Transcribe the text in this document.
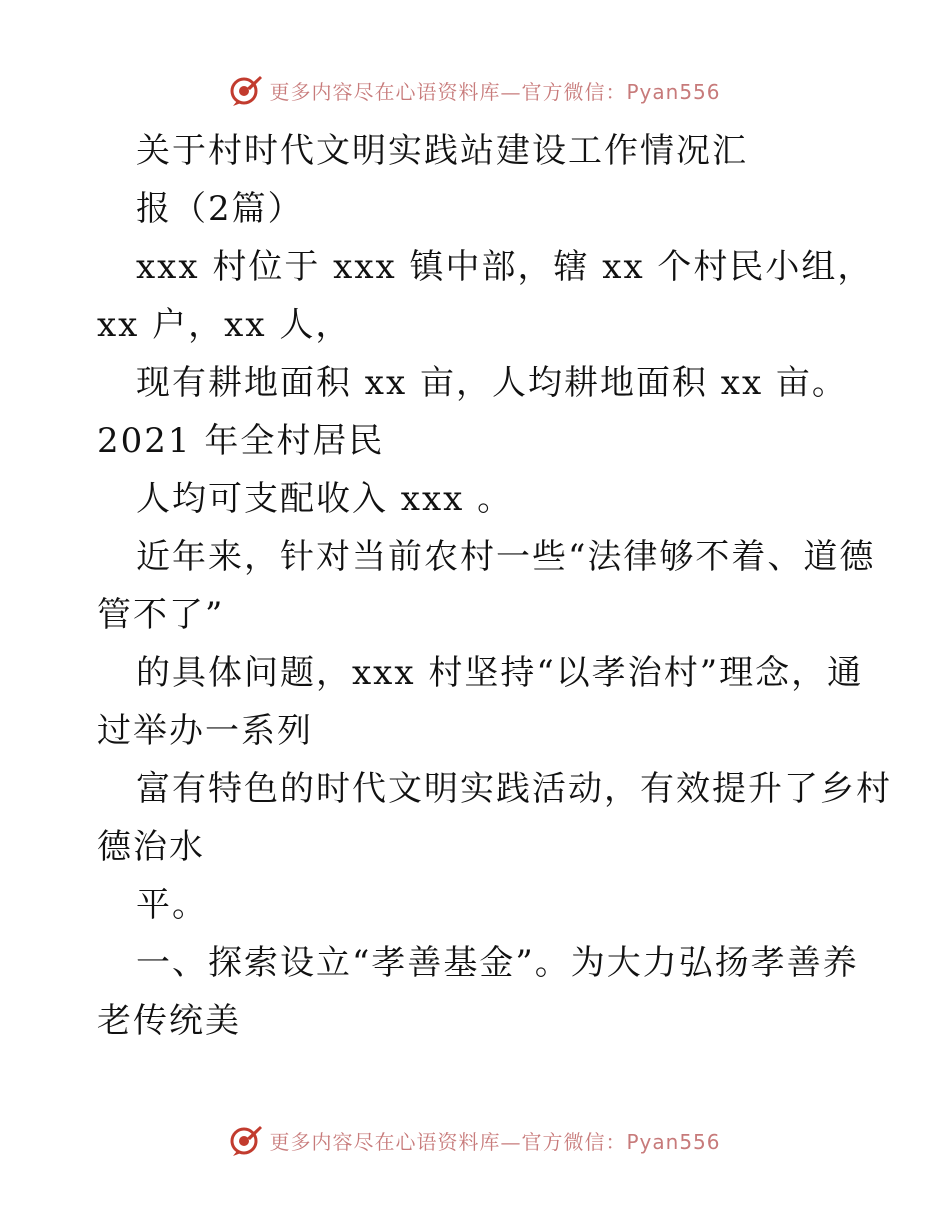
更多内容尽在心语资料库—官方微信：Pyan556
关于村时代文明实践站建设工作情况汇
报（2篇）
xxx 村位于 xxx 镇中部，辖 xx 个村民小组，
xx 户，xx 人，
现有耕地面积 xx 亩，人均耕地面积 xx 亩。
2021 年全村居民
人均可支配收入 xxx 。
近年来，针对当前农村一些“法律够不着、道德
管不了”
的具体问题，xxx 村坚持“以孝治村”理念，通
过举办一系列
富有特色的时代文明实践活动，有效提升了乡村
德治水
平。
一、探索设立“孝善基金”。为大力弘扬孝善养
老传统美
更多内容尽在心语资料库—官方微信：Pyan556
